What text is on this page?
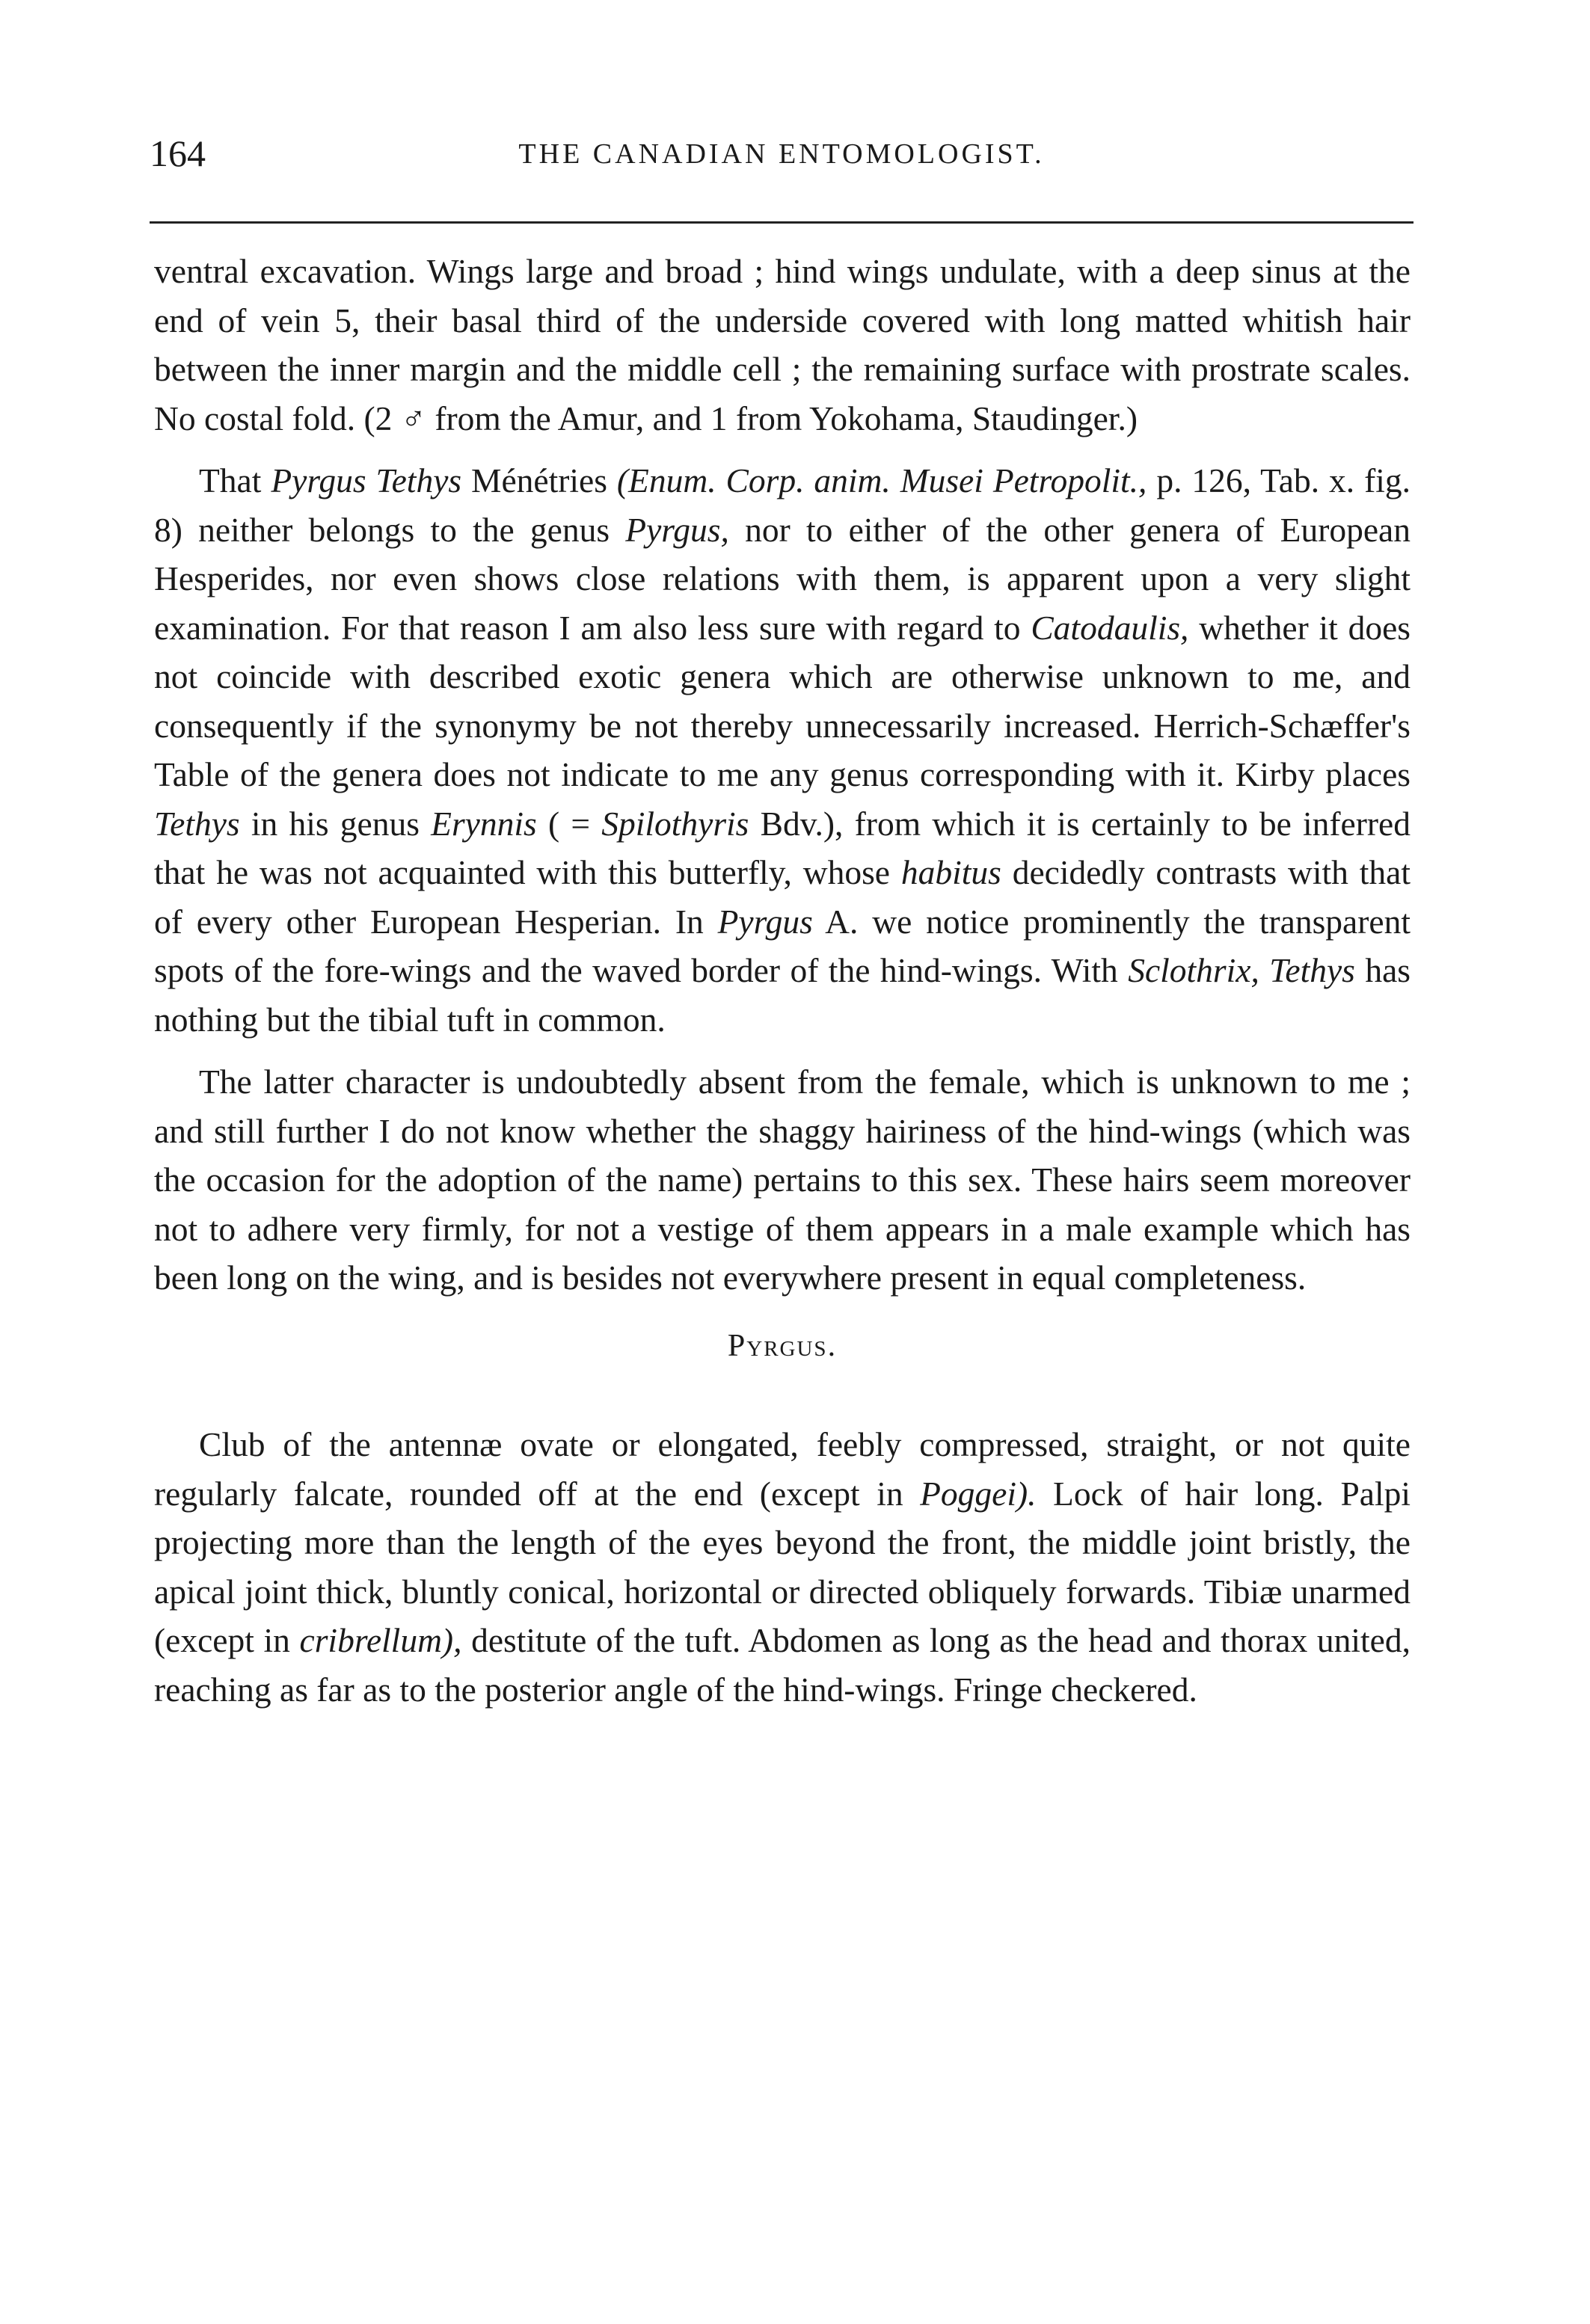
164	THE CANADIAN ENTOMOLOGIST.

ventral excavation. Wings large and broad ; hind wings undulate, with a deep sinus at the end of vein 5, their basal third of the underside covered with long matted whitish hair between the inner margin and the middle cell ; the remaining surface with prostrate scales. No costal fold. (2 ♂ from the Amur, and 1 from Yokohama, Staudinger.)

That Pyrgus Tethys Ménétries (Enum. Corp. anim. Musei Petropolit., p. 126, Tab. x. fig. 8) neither belongs to the genus Pyrgus, nor to either of the other genera of European Hesperides, nor even shows close relations with them, is apparent upon a very slight examination. For that reason I am also less sure with regard to Catodaulis, whether it does not coincide with described exotic genera which are otherwise unknown to me, and consequently if the synonymy be not thereby unnecessarily increased. Herrich-Schæffer's Table of the genera does not indicate to me any genus corresponding with it. Kirby places Tethys in his genus Erynnis ( = Spilothyris Bdv.), from which it is certainly to be inferred that he was not acquainted with this butterfly, whose habitus decidedly contrasts with that of every other European Hesperian. In Pyrgus A. we notice prominently the transparent spots of the fore-wings and the waved border of the hind-wings. With Sclothrix, Tethys has nothing but the tibial tuft in common.

The latter character is undoubtedly absent from the female, which is unknown to me ; and still further I do not know whether the shaggy hairiness of the hind-wings (which was the occasion for the adoption of the name) pertains to this sex. These hairs seem moreover not to adhere very firmly, for not a vestige of them appears in a male example which has been long on the wing, and is besides not everywhere present in equal completeness.

Pyrgus.

Club of the antennæ ovate or elongated, feebly compressed, straight, or not quite regularly falcate, rounded off at the end (except in Poggei). Lock of hair long. Palpi projecting more than the length of the eyes beyond the front, the middle joint bristly, the apical joint thick, bluntly conical, horizontal or directed obliquely forwards. Tibiæ unarmed (except in cribrellum), destitute of the tuft. Abdomen as long as the head and thorax united, reaching as far as to the posterior angle of the hind-wings. Fringe checkered.
